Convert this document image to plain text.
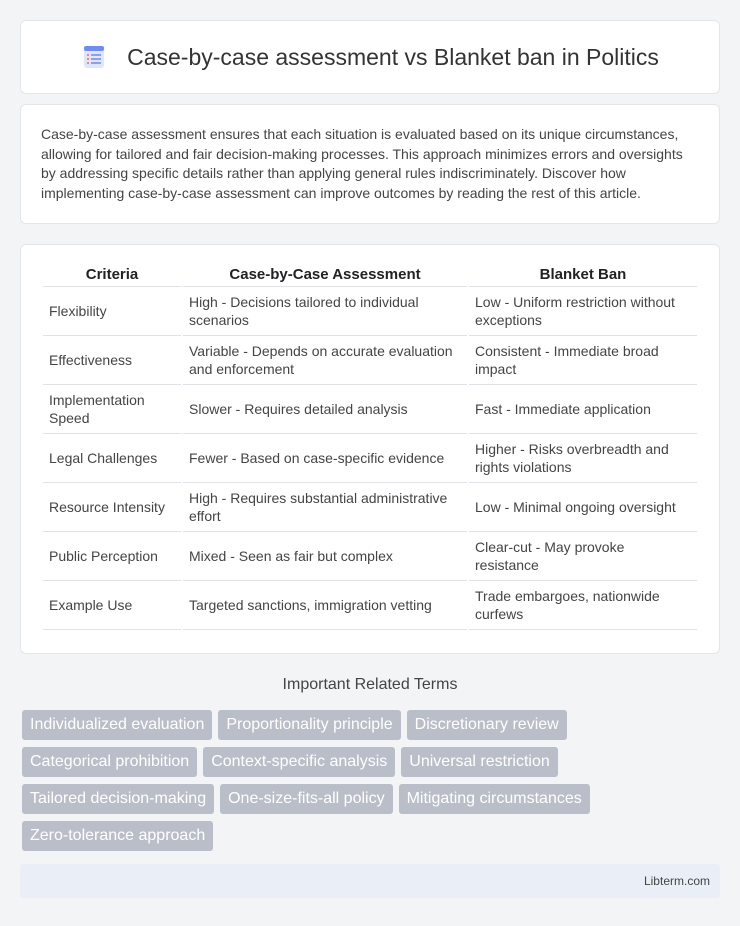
Case-by-case assessment vs Blanket ban in Politics

Case-by-case assessment ensures that each situation is evaluated based on its unique circumstances, allowing for tailored and fair decision-making processes. This approach minimizes errors and oversights by addressing specific details rather than applying general rules indiscriminately. Discover how implementing case-by-case assessment can improve outcomes by reading the rest of this article.

Criteria	Case-by-Case Assessment	Blanket Ban
Flexibility	High - Decisions tailored to individual scenarios	Low - Uniform restriction without exceptions
Effectiveness	Variable - Depends on accurate evaluation and enforcement	Consistent - Immediate broad impact
Implementation Speed	Slower - Requires detailed analysis	Fast - Immediate application
Legal Challenges	Fewer - Based on case-specific evidence	Higher - Risks overbreadth and rights violations
Resource Intensity	High - Requires substantial administrative effort	Low - Minimal ongoing oversight
Public Perception	Mixed - Seen as fair but complex	Clear-cut - May provoke resistance
Example Use	Targeted sanctions, immigration vetting	Trade embargoes, nationwide curfews
Important Related Terms
Individualized evaluation	Proportionality principle	Discretionary review
Categorical prohibition	Context-specific analysis	Universal restriction
Tailored decision-making	One-size-fits-all policy	Mitigating circumstances
Zero-tolerance approach
Libterm.com
